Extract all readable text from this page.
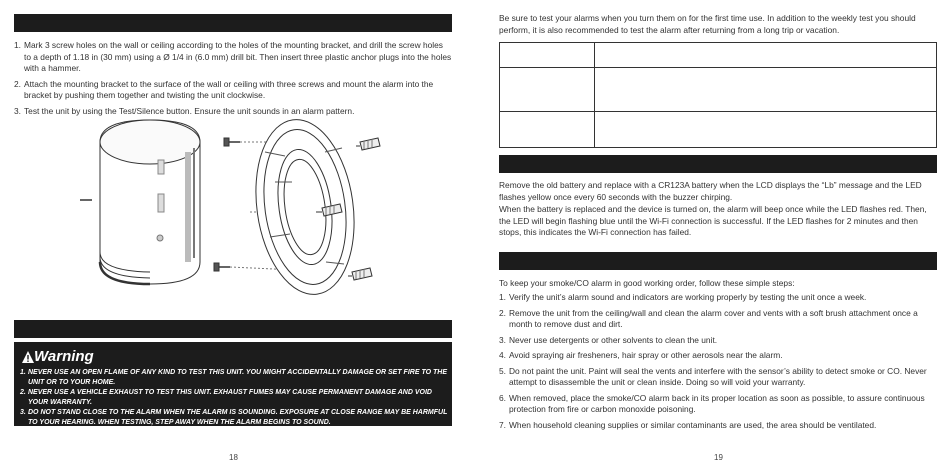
1. Mark 3 screw holes on the wall or ceiling according to the holes of the mounting bracket, and drill the screw holes to a depth of 1.18 in (30 mm) using a Ø 1/4 in (6.0 mm) drill bit. Then insert three plastic anchor plugs into the holes with a hammer.
2. Attach the mounting bracket to the surface of the wall or ceiling with three screws and mount the alarm into the bracket by pushing them together and twisting the unit clockwise.
3. Test the unit by using the Test/Silence button. Ensure the unit sounds in an alarm pattern.
Warning
1. NEVER USE AN OPEN FLAME OF ANY KIND TO TEST THIS UNIT. YOU MIGHT ACCIDENTALLY DAMAGE OR SET FIRE TO THE UNIT OR TO YOUR HOME.
2. NEVER USE A VEHICLE EXHAUST TO TEST THIS UNIT. EXHAUST FUMES MAY CAUSE PERMANENT DAMAGE AND VOID YOUR WARRANTY.
3. DO NOT STAND CLOSE TO THE ALARM WHEN THE ALARM IS SOUNDING. EXPOSURE AT CLOSE RANGE MAY BE HARMFUL TO YOUR HEARING. WHEN TESTING, STEP AWAY WHEN THE ALARM BEGINS TO SOUND.
18
Be sure to test your alarms when you turn them on for the first time use. In addition to the weekly test you should perform, it is also recommended to test the alarm after returning from a long trip or vacation.

Remove the old battery and replace with a CR123A battery when the LCD displays the “Lb” message and the LED flashes yellow once every 60 seconds with the buzzer chirping.
When the battery is replaced and the device is turned on, the alarm will beep once while the LED flashes red. Then, the LED will begin flashing blue until the Wi-Fi connection is successful. If the LED flashes for 2 minutes and then stops, this indicates the Wi-Fi connection has failed.
To keep your smoke/CO alarm in good working order, follow these simple steps:
1. Verify the unit’s alarm sound and indicators are working properly by testing the unit once a week.
2. Remove the unit from the ceiling/wall and clean the alarm cover and vents with a soft brush attachment once a month to remove dust and dirt.
3. Never use detergents or other solvents to clean the unit.
4. Avoid spraying air fresheners, hair spray or other aerosols near the alarm.
5. Do not paint the unit. Paint will seal the vents and interfere with the sensor’s ability to detect smoke or CO. Never attempt to disassemble the unit or clean inside. Doing so will void your warranty.
6. When removed, place the smoke/CO alarm back in its proper location as soon as possible, to assure continuous protection from fire or carbon monoxide poisoning.
7. When household cleaning supplies or similar contaminants are used, the area should be ventilated.
19
